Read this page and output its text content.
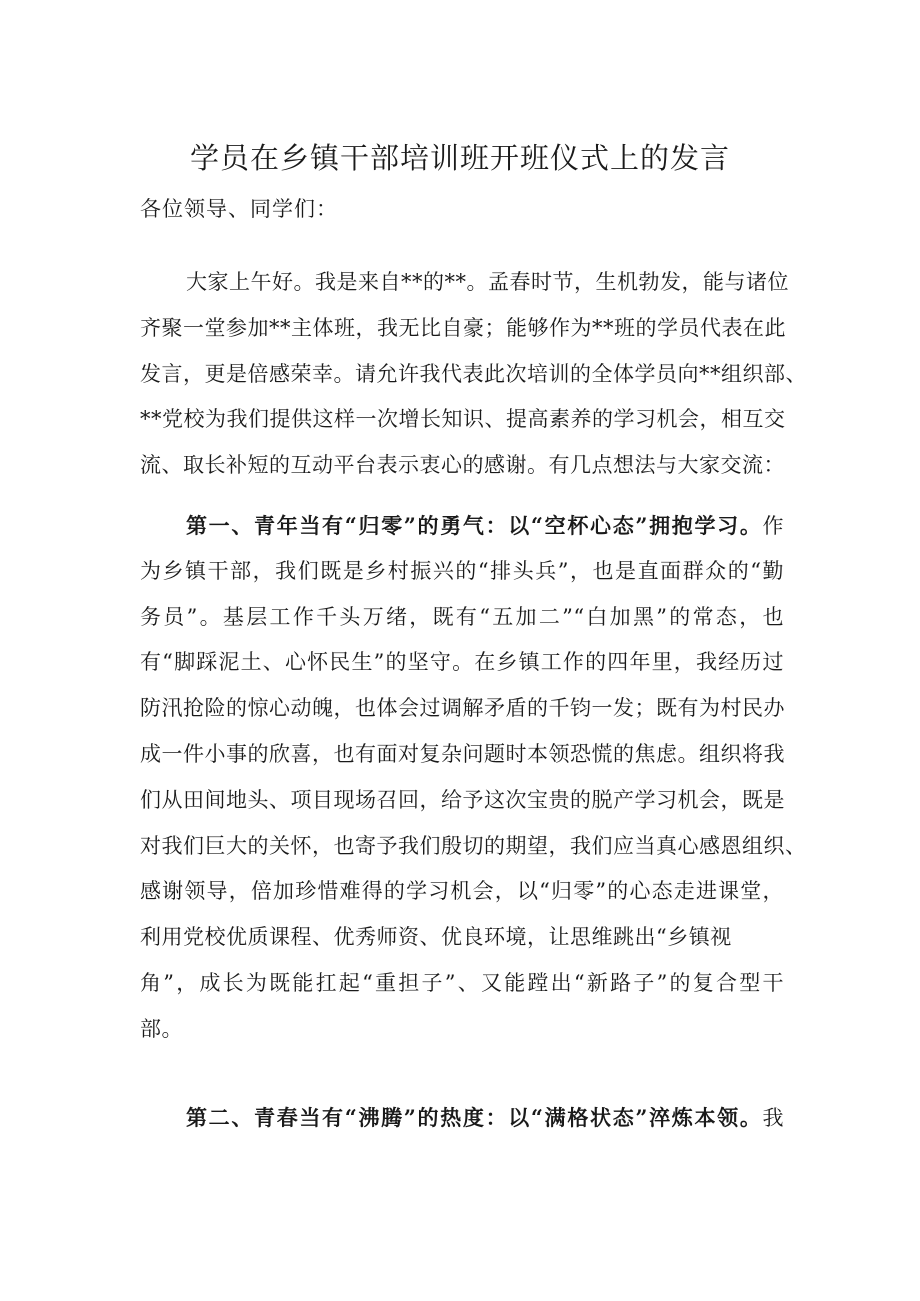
学员在乡镇干部培训班开班仪式上的发言

各位领导、同学们：

大家上午好。我是来自**的**。孟春时节，生机勃发，能与诸位
齐聚一堂参加**主体班，我无比自豪；能够作为**班的学员代表在此
发言，更是倍感荣幸。请允许我代表此次培训的全体学员向**组织部、
**党校为我们提供这样一次增长知识、提高素养的学习机会，相互交
流、取长补短的互动平台表示衷心的感谢。有几点想法与大家交流：
第一、青年当有“归零”的勇气：以“空杯心态”拥抱学习。作
为乡镇干部，我们既是乡村振兴的“排头兵”，也是直面群众的“勤
务员”。基层工作千头万绪，既有“五加二”“白加黑”的常态，也
有“脚踩泥土、心怀民生”的坚守。在乡镇工作的四年里，我经历过
防汛抢险的惊心动魄，也体会过调解矛盾的千钧一发；既有为村民办
成一件小事的欣喜，也有面对复杂问题时本领恐慌的焦虑。组织将我
们从田间地头、项目现场召回，给予这次宝贵的脱产学习机会，既是
对我们巨大的关怀，也寄予我们殷切的期望，我们应当真心感恩组织、
感谢领导，倍加珍惜难得的学习机会，以“归零”的心态走进课堂，
利用党校优质课程、优秀师资、优良环境，让思维跳出“乡镇视
角”，成长为既能扛起“重担子”、又能蹚出“新路子”的复合型干
部。
第二、青春当有“沸腾”的热度：以“满格状态”淬炼本领。我
